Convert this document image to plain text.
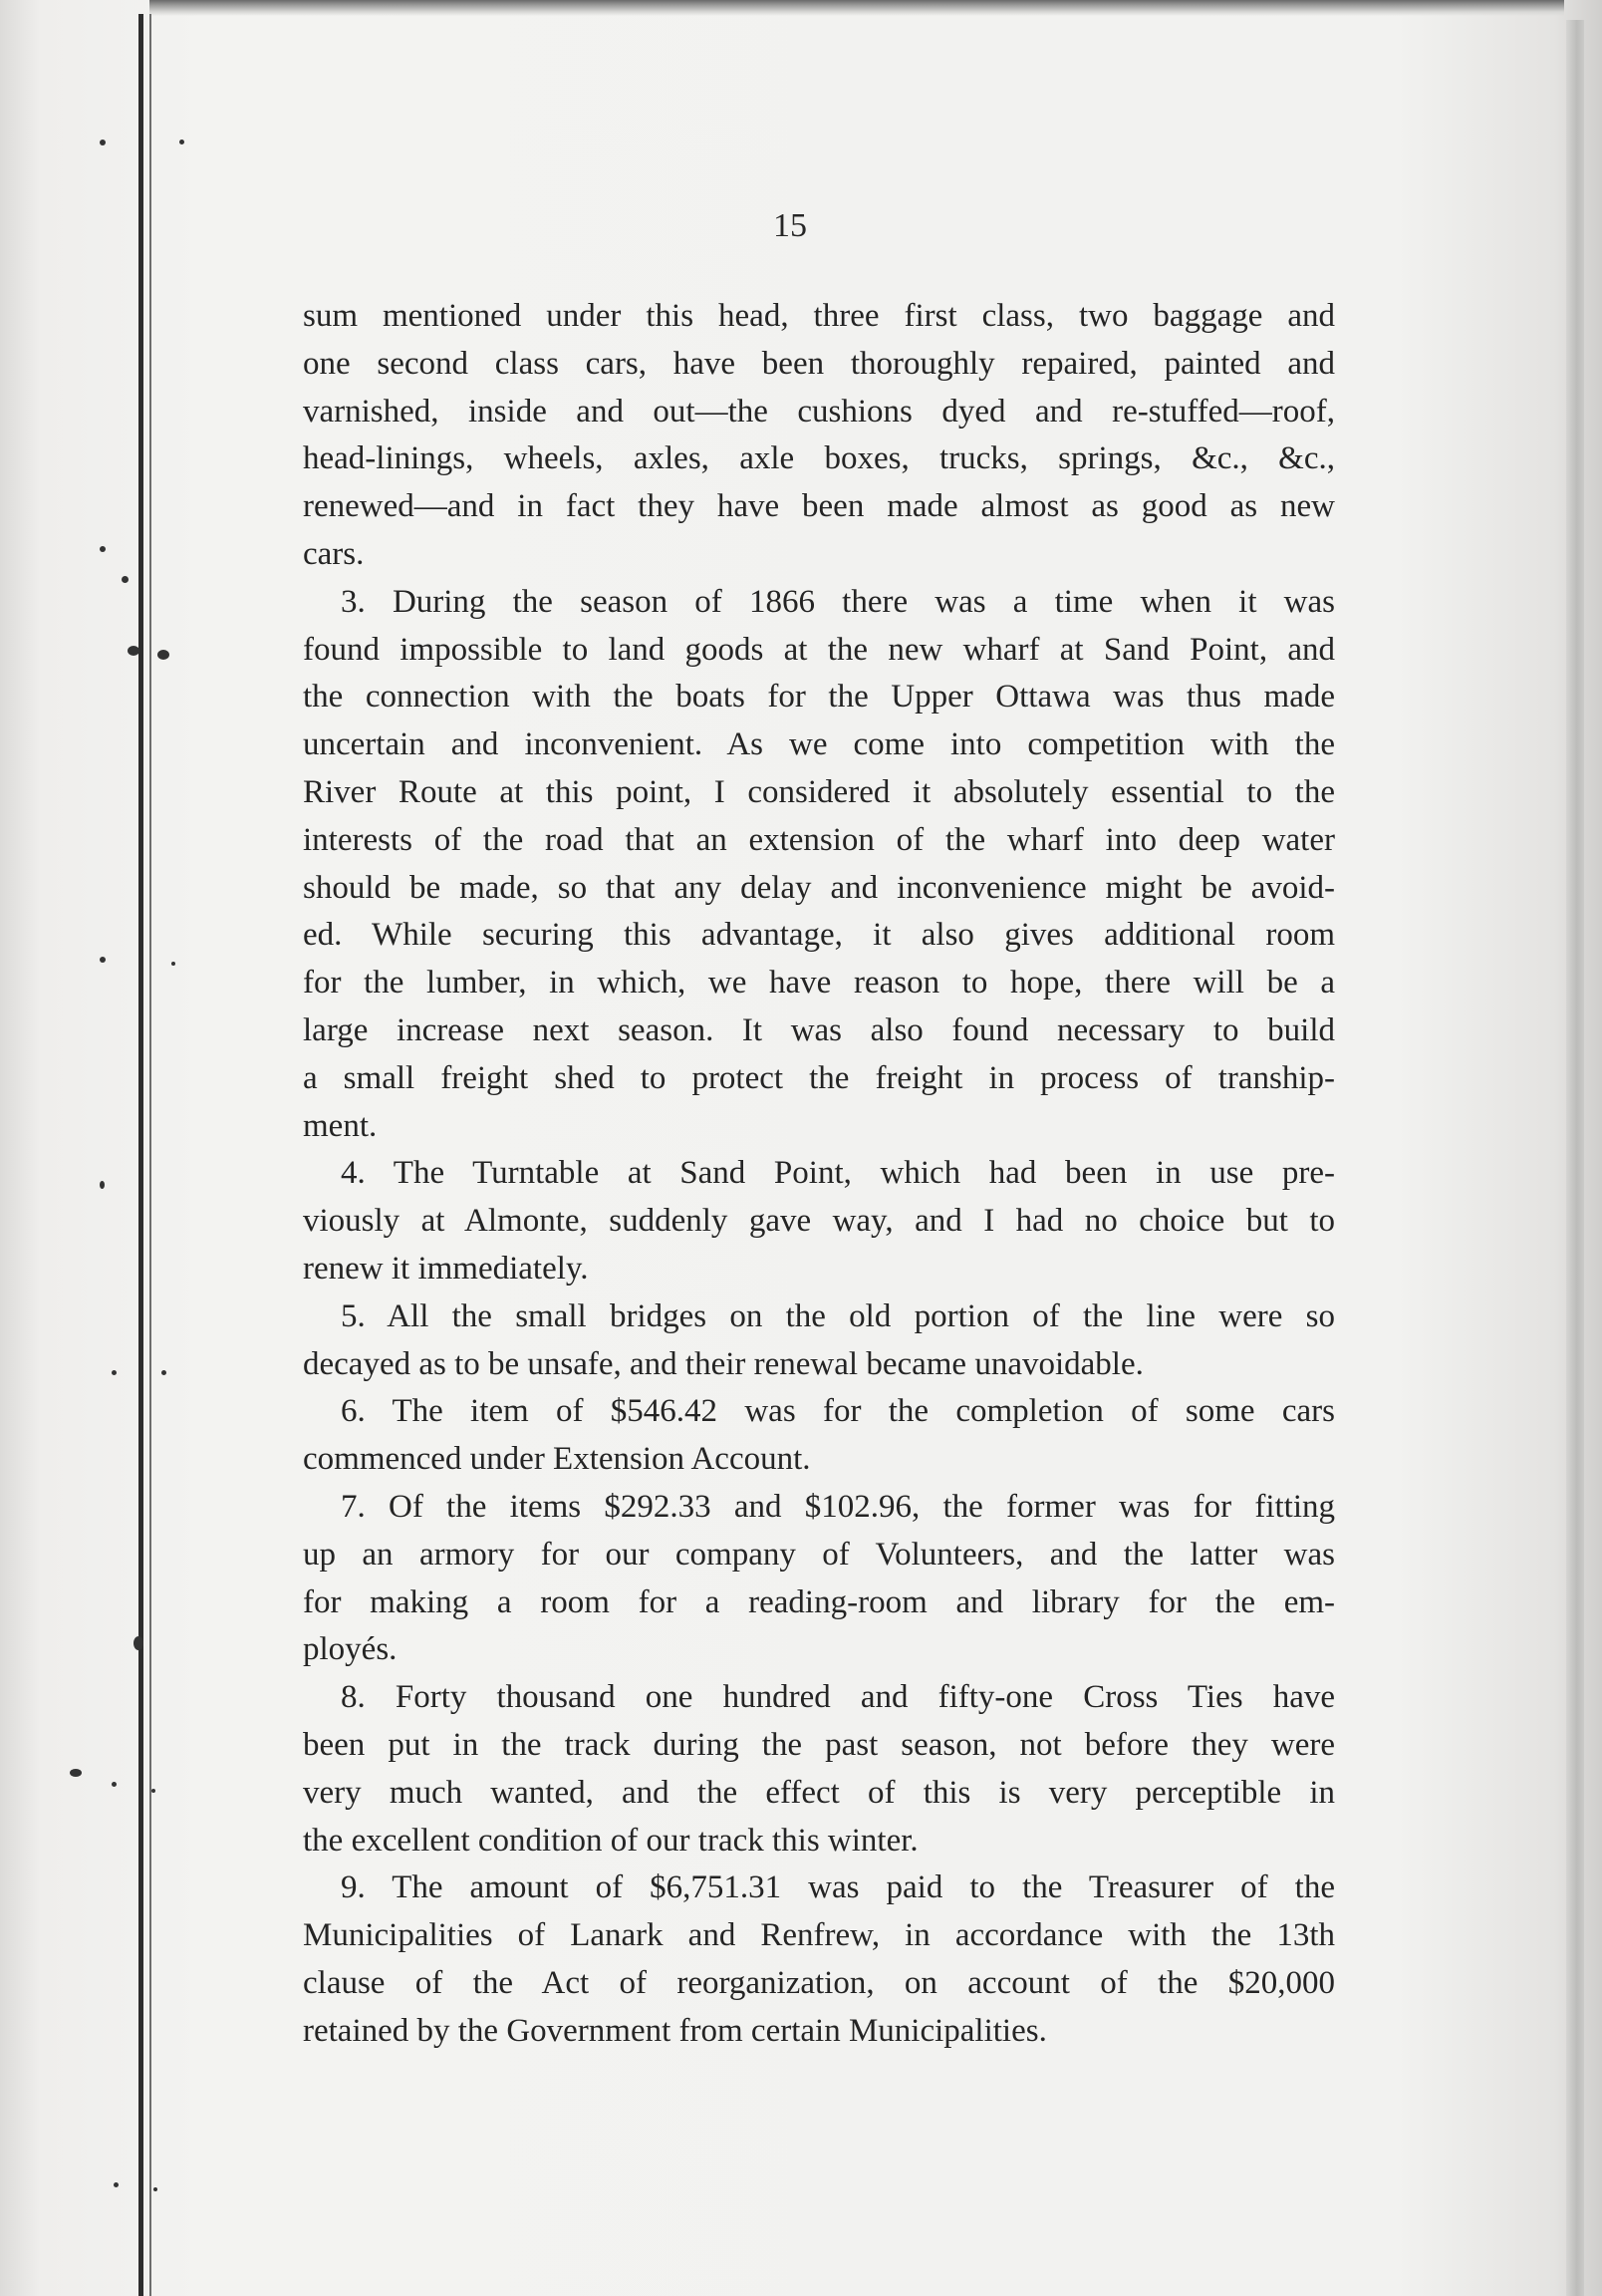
15
sum mentioned under this head, three first class, two baggage and
one second class cars, have been thoroughly repaired, painted and
varnished, inside and out—the cushions dyed and re-stuffed—roof,
head-linings, wheels, axles, axle boxes, trucks, springs, &c., &c.,
renewed—and in fact they have been made almost as good as new
cars.
3. During the season of 1866 there was a time when it was
found impossible to land goods at the new wharf at Sand Point, and
the connection with the boats for the Upper Ottawa was thus made
uncertain and inconvenient. As we come into competition with the
River Route at this point, I considered it absolutely essential to the
interests of the road that an extension of the wharf into deep water
should be made, so that any delay and inconvenience might be avoid-
ed. While securing this advantage, it also gives additional room
for the lumber, in which, we have reason to hope, there will be a
large increase next season. It was also found necessary to build
a small freight shed to protect the freight in process of tranship-
ment.
4. The Turntable at Sand Point, which had been in use pre-
viously at Almonte, suddenly gave way, and I had no choice but to
renew it immediately.
5. All the small bridges on the old portion of the line were so
decayed as to be unsafe, and their renewal became unavoidable.
6. The item of $546.42 was for the completion of some cars
commenced under Extension Account.
7. Of the items $292.33 and $102.96, the former was for fitting
up an armory for our company of Volunteers, and the latter was
for making a room for a reading-room and library for the em-
ployés.
8. Forty thousand one hundred and fifty-one Cross Ties have
been put in the track during the past season, not before they were
very much wanted, and the effect of this is very perceptible in
the excellent condition of our track this winter.
9. The amount of $6,751.31 was paid to the Treasurer of the
Municipalities of Lanark and Renfrew, in accordance with the 13th
clause of the Act of reorganization, on account of the $20,000
retained by the Government from certain Municipalities.
